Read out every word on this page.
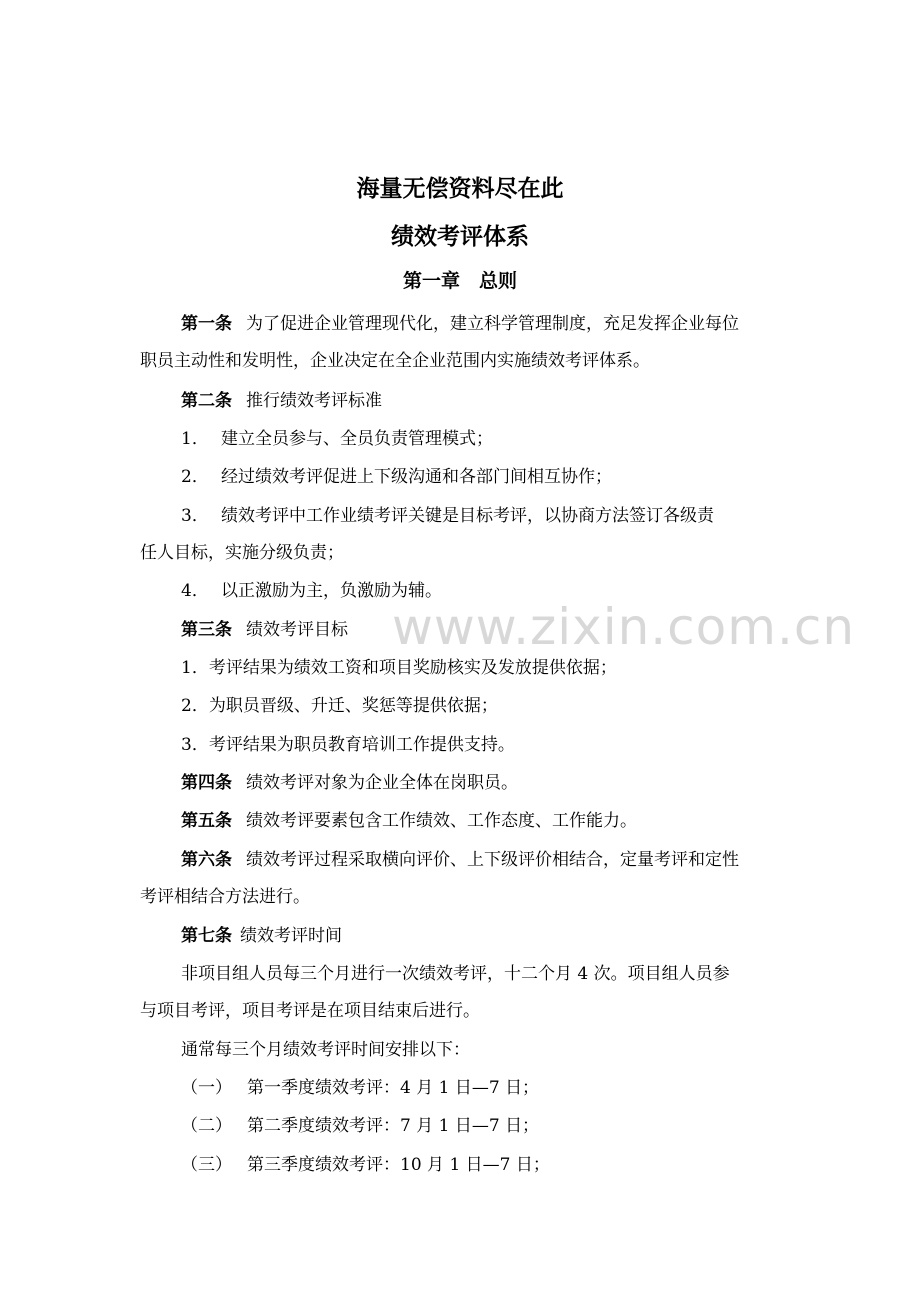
www.zixin.com.cn
海量无偿资料尽在此
绩效考评体系
第一章　总则
第一条 为了促进企业管理现代化，建立科学管理制度，充足发挥企业每位
职员主动性和发明性，企业决定在全企业范围内实施绩效考评体系。
第二条 推行绩效考评标准
1． 建立全员参与、全员负责管理模式；
2． 经过绩效考评促进上下级沟通和各部门间相互协作；
3． 绩效考评中工作业绩考评关键是目标考评，以协商方法签订各级责
任人目标，实施分级负责；
4． 以正激励为主，负激励为辅。
第三条 绩效考评目标
1．考评结果为绩效工资和项目奖励核实及发放提供依据；
2．为职员晋级、升迁、奖惩等提供依据；
3．考评结果为职员教育培训工作提供支持。
第四条 绩效考评对象为企业全体在岗职员。
第五条 绩效考评要素包含工作绩效、工作态度、工作能力。
第六条 绩效考评过程采取横向评价、上下级评价相结合，定量考评和定性
考评相结合方法进行。
第七条 绩效考评时间
非项目组人员每三个月进行一次绩效考评，十二个月 4 次。项目组人员参
与项目考评，项目考评是在项目结束后进行。
通常每三个月绩效考评时间安排以下：
（一） 第一季度绩效考评：4 月 1 日—7 日；
（二） 第二季度绩效考评：7 月 1 日—7 日；
（三） 第三季度绩效考评：10 月 1 日—7 日；
